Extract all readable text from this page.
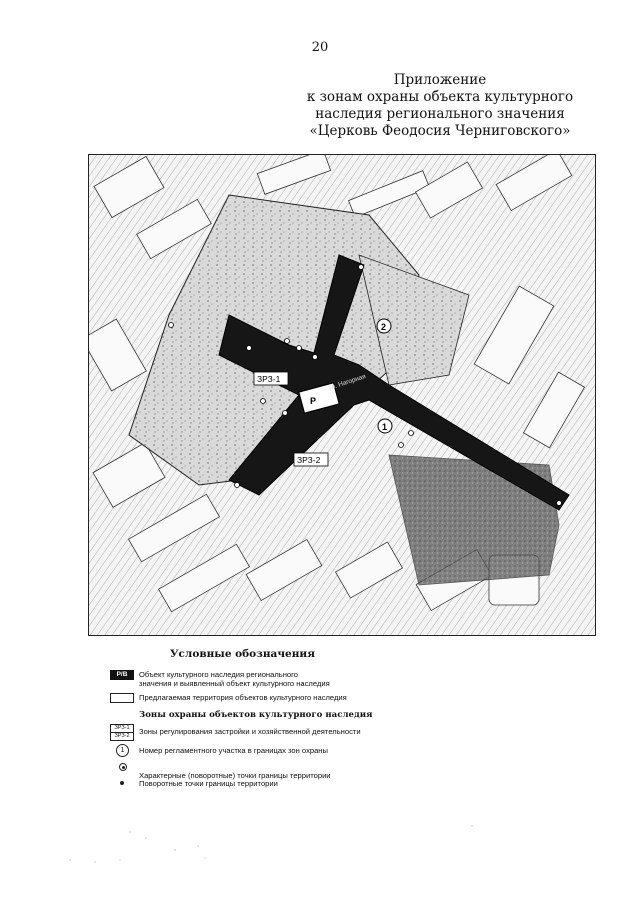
20
Приложение
к зонам охраны объекта культурного
наследия регионального значения
«Церковь Феодосия Черниговского»
Р
ЗРЗ-1
ЗРЗ-2
1
2
ул. Нагорная
Условные обозначения
Р/В	Объект культурного наследия регионального
значения и выявленный объект культурного наследия
Предлагаемая территория объектов культурного наследия
Зоны охраны объектов культурного наследия
ЗРЗ-1
ЗРЗ-2	Зоны регулирования застройки и хозяйственной деятельности
1	Номер регламентного участка в границах зон охраны
Характерные (поворотные) точки границы территории
Поворотные точки границы территории
